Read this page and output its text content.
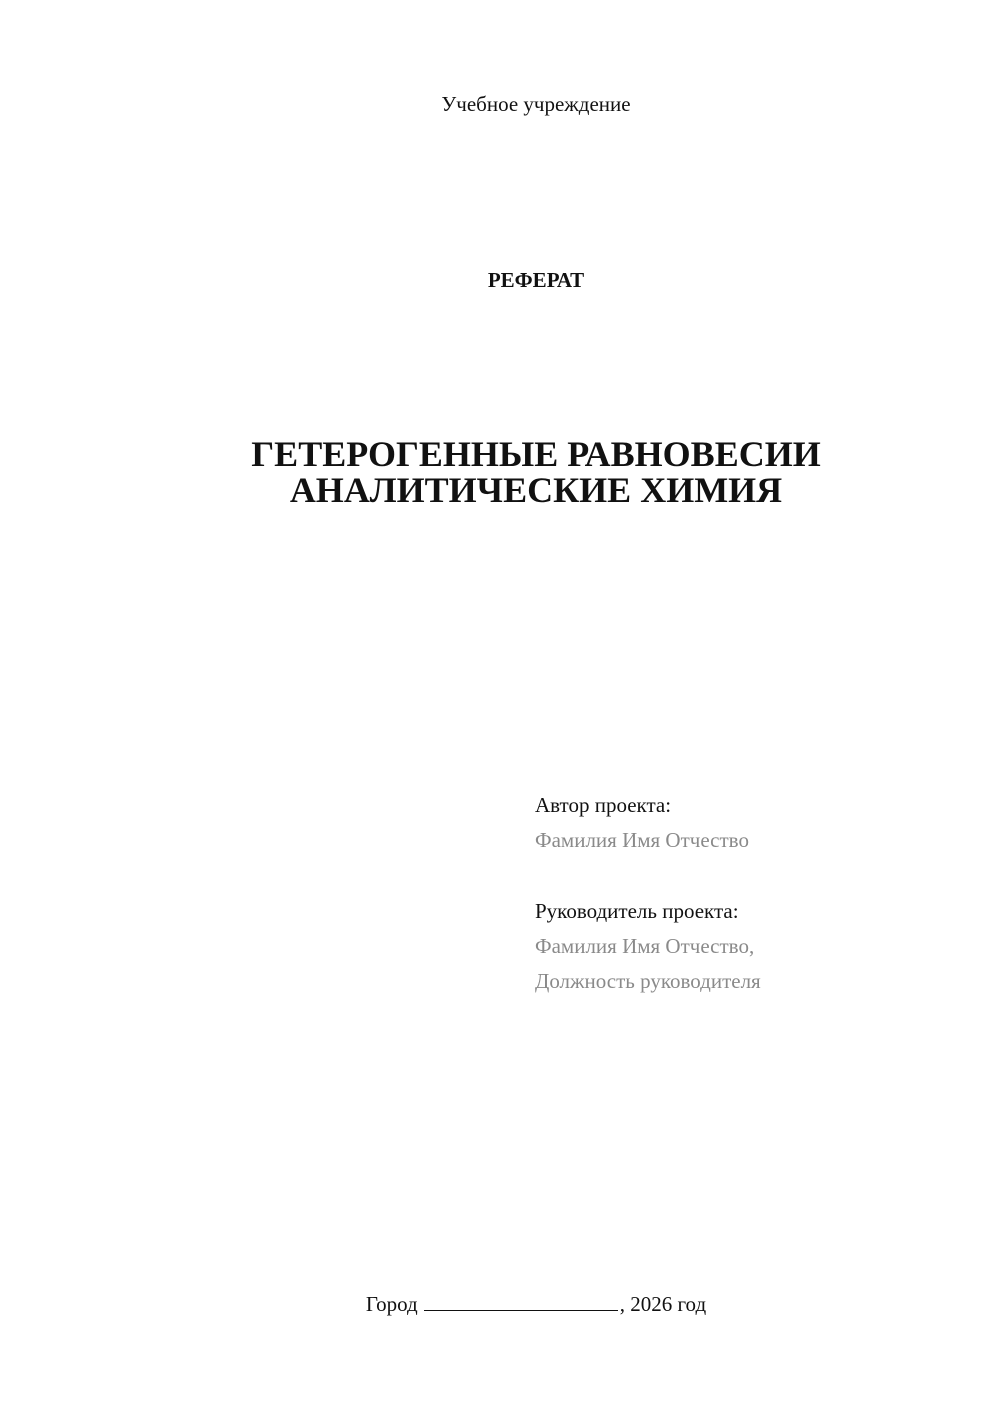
Учебное учреждение
РЕФЕРАТ
ГЕТЕРОГЕННЫЕ РАВНОВЕСИИ
АНАЛИТИЧЕСКИЕ ХИМИЯ
Автор проекта:
Фамилия Имя Отчество
Руководитель проекта:
Фамилия Имя Отчество,
Должность руководителя
Город	, 2026 год
